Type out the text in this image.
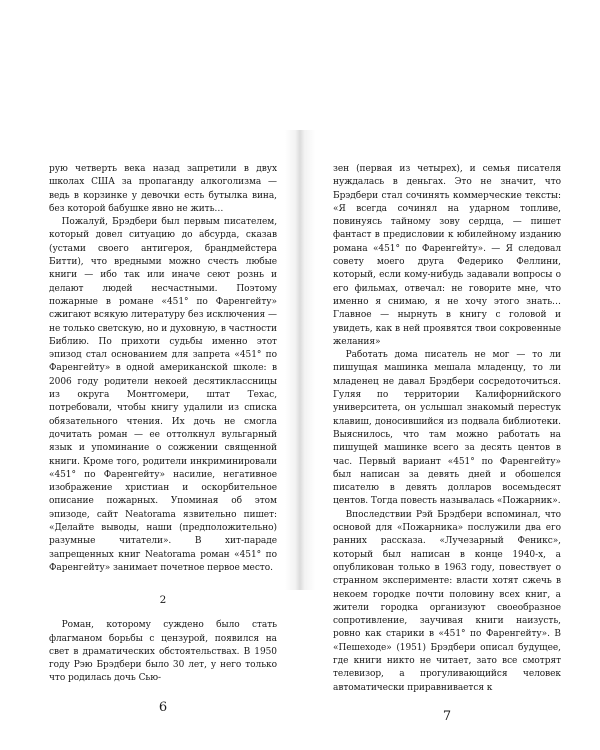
рую четверть века назад запретили в двух школах США за пропаганду алкоголизма — ведь в корзинке у девочки есть бутылка вина, без которой бабушке явно не жить…

Пожалуй, Брэдбери был первым писателем, который довел ситуацию до абсурда, сказав (устами своего антигероя, брандмейстера Битти), что вредными можно счесть любые книги — ибо так или иначе сеют рознь и делают людей несчастными. Поэтому пожарные в романе «451° по Фаренгейту» сжигают всякую литературу без исключения — не только светскую, но и духовную, в частности Библию. По прихоти судьбы именно этот эпизод стал основанием для запрета «451° по Фаренгейту» в одной американской школе: в 2006 году родители некоей десятиклассницы из округа Монтгомери, штат Техас, потребовали, чтобы книгу удалили из списка обязательного чтения. Их дочь не смогла дочитать роман — ее оттолкнул вульгарный язык и упоминание о сожжении священной книги. Кроме того, родители инкриминировали «451° по Фаренгейту» насилие, негативное изображение христиан и оскорбительное описание пожарных. Упоминая об этом эпизоде, сайт Neatorama язвительно пишет: «Делайте выводы, наши (предположительно) разумные читатели». В хит-параде запрещенных книг Neatorama роман «451° по Фаренгейту» занимает почетное первое место.

2

Роман, которому суждено было стать флагманом борьбы с цензурой, появился на свет в драматических обстоятельствах. В 1950 году Рэю Брэдбери было 30 лет, у него только что родилась дочь Сью-

6

зен (первая из четырех), и семья писателя нуждалась в деньгах. Это не значит, что Брэдбери стал сочинять коммерческие тексты: «Я всегда сочинял на ударном топливе, повинуясь тайному зову сердца, — пишет фантаст в предисловии к юбилейному изданию романа «451° по Фаренгейту». — Я следовал совету моего друга Федерико Феллини, который, если кому-нибудь задавали вопросы о его фильмах, отвечал: не говорите мне, что именно я снимаю, я не хочу этого знать… Главное — нырнуть в книгу с головой и увидеть, как в ней проявятся твои сокровенные желания»

Работать дома писатель не мог — то ли пишущая машинка мешала младенцу, то ли младенец не давал Брэдбери сосредоточиться. Гуляя по территории Калифорнийского университета, он услышал знакомый перестук клавиш, доносившийся из подвала библиотеки. Выяснилось, что там можно работать на пишущей машинке всего за десять центов в час. Первый вариант «451° по Фаренгейту» был написан за девять дней и обошелся писателю в девять долларов восемьдесят центов. Тогда повесть называлась «Пожарник».

Впоследствии Рэй Брэдбери вспоминал, что основой для «Пожарника» послужили два его ранних рассказа. «Лучезарный Феникс», который был написан в конце 1940-х, а опубликован только в 1963 году, повествует о странном эксперименте: власти хотят сжечь в некоем городке почти половину всех книг, а жители городка организуют своеобразное сопротивление, заучивая книги наизусть, ровно как старики в «451° по Фаренгейту». В «Пешеходе» (1951) Брэдбери описал будущее, где книги никто не читает, зато все смотрят телевизор, а прогуливающийся человек автоматически приравнивается к

7
